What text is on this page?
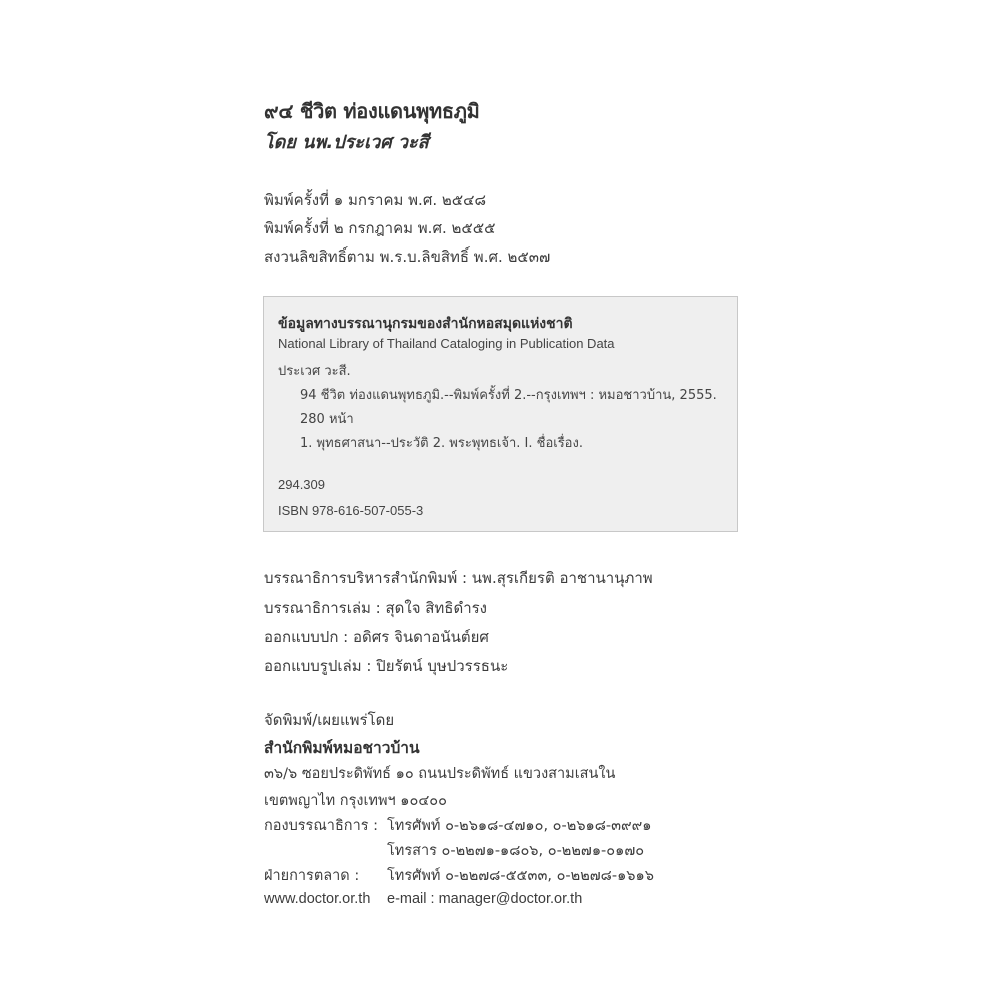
๙๔ ชีวิต ท่องแดนพุทธภูมิ
โดย นพ.ประเวศ วะสี
พิมพ์ครั้งที่ ๑ มกราคม พ.ศ. ๒๕๔๘
พิมพ์ครั้งที่ ๒ กรกฎาคม พ.ศ. ๒๕๕๕
สงวนลิขสิทธิ์ตาม พ.ร.บ.ลิขสิทธิ์ พ.ศ. ๒๕๓๗
ข้อมูลทางบรรณานุกรมของสำนักหอสมุดแห่งชาติ
National Library of Thailand Cataloging in Publication Data
ประเวศ วะสี.
94 ชีวิต ท่องแดนพุทธภูมิ.--พิมพ์ครั้งที่ 2.--กรุงเทพฯ : หมอชาวบ้าน, 2555.
280 หน้า
1. พุทธศาสนา--ประวัติ 2. พระพุทธเจ้า. I. ชื่อเรื่อง.
294.309
ISBN 978-616-507-055-3
บรรณาธิการบริหารสำนักพิมพ์ : นพ.สุรเกียรติ อาชานานุภาพ
บรรณาธิการเล่ม : สุดใจ สิทธิดำรง
ออกแบบปก : อดิศร จินดาอนันต์ยศ
ออกแบบรูปเล่ม : ปิยรัตน์ บุษปวรรธนะ
จัดพิมพ์/เผยแพร่โดย
สำนักพิมพ์หมอชาวบ้าน
๓๖/๖ ซอยประดิพัทธ์ ๑๐ ถนนประดิพัทธ์ แขวงสามเสนใน
เขตพญาไท กรุงเทพฯ ๑๐๔๐๐
กองบรรณาธิการ : โทรศัพท์ ๐-๒๖๑๘-๔๗๑๐, ๐-๒๖๑๘-๓๙๙๑
โทรสาร ๐-๒๒๗๑-๑๘๐๖, ๐-๒๒๗๑-๐๑๗๐
ฝ่ายการตลาด : โทรศัพท์ ๐-๒๒๗๘-๕๕๓๓, ๐-๒๒๗๘-๑๖๑๖
www.doctor.or.th e-mail : manager@doctor.or.th
